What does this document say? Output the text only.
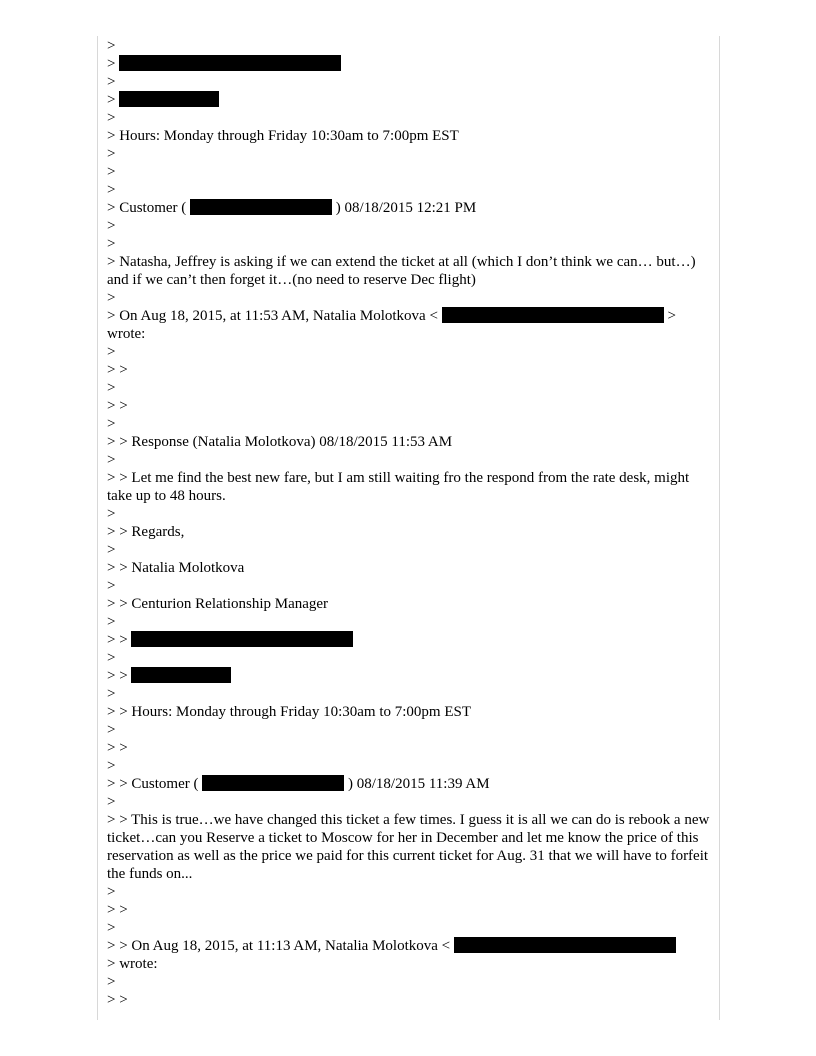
>
>
>
>
>
> Hours: Monday through Friday 10:30am to 7:00pm EST
>
>
>
> Customer (	) 08/18/2015 12:21 PM
>
>
> Natasha, Jeffrey is asking if we can extend the ticket at all (which I don’t think we can… but…) and if we can’t then forget it…(no need to reserve Dec flight)
>
> On Aug 18, 2015, at 11:53 AM, Natalia Molotkova <	> wrote:
>
> >
>
> >
>
> > Response (Natalia Molotkova) 08/18/2015 11:53 AM
>
> > Let me find the best new fare, but I am still waiting fro the respond from the rate desk, might take up to 48 hours.
>
> > Regards,
>
> > Natalia Molotkova
>
> > Centurion Relationship Manager
>
> >
>
> >
>
> > Hours: Monday through Friday 10:30am to 7:00pm EST
>
> >
>
> > Customer (	) 08/18/2015 11:39 AM
>
> > This is true…we have changed this ticket a few times. I guess it is all we can do is rebook a new ticket…can you Reserve a ticket to Moscow for her in December and let me know the price of this reservation as well as the price we paid for this current ticket for Aug. 31 that we will have to forfeit the funds on...
>
> >
>
> > On Aug 18, 2015, at 11:13 AM, Natalia Molotkova <
> wrote:
>
> >
